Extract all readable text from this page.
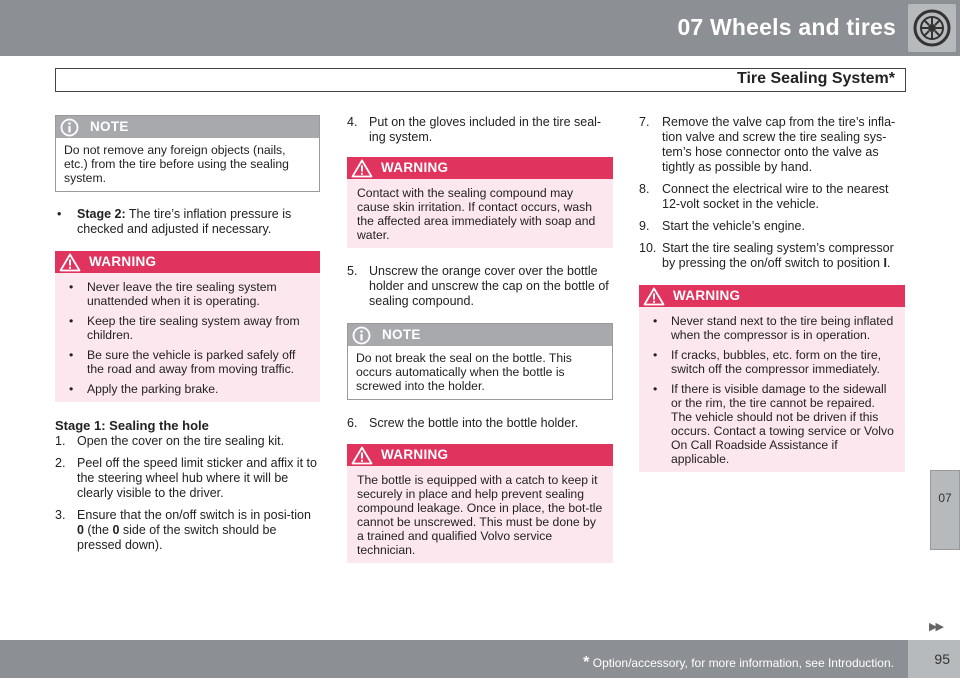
07 Wheels and tires
Tire Sealing System*
NOTE

Do not remove any foreign objects (nails, etc.) from the tire before using the sealing system.

• Stage 2: The tire’s inflation pressure is checked and adjusted if necessary.
WARNING
• Never leave the tire sealing system unattended when it is operating.
• Keep the tire sealing system away from children.
• Be sure the vehicle is parked safely off the road and away from moving traffic.
• Apply the parking brake.
Stage 1: Sealing the hole
1. Open the cover on the tire sealing kit.
2. Peel off the speed limit sticker and affix it to the steering wheel hub where it will be clearly visible to the driver.
3. Ensure that the on/off switch is in posi-tion 0 (the 0 side of the switch should be pressed down).
4. Put on the gloves included in the tire seal-ing system.
WARNING

Contact with the sealing compound may cause skin irritation. If contact occurs, wash the affected area immediately with soap and water.

5. Unscrew the orange cover over the bottle holder and unscrew the cap on the bottle of sealing compound.
NOTE

Do not break the seal on the bottle. This occurs automatically when the bottle is screwed into the holder.

6. Screw the bottle into the bottle holder.
WARNING

The bottle is equipped with a catch to keep it securely in place and help prevent sealing compound leakage. Once in place, the bot-tle cannot be unscrewed. This must be done by a trained and qualified Volvo service technician.

7. Remove the valve cap from the tire’s infla-tion valve and screw the tire sealing sys-tem’s hose connector onto the valve as tightly as possible by hand.
8. Connect the electrical wire to the nearest 12-volt socket in the vehicle.
9. Start the vehicle’s engine.
10. Start the tire sealing system’s compressor by pressing the on/off switch to position I.
WARNING
• Never stand next to the tire being inflated when the compressor is in operation.
• If cracks, bubbles, etc. form on the tire, switch off the compressor immediately.
• If there is visible damage to the sidewall or the rim, the tire cannot be repaired. The vehicle should not be driven if this occurs. Contact a towing service or Volvo On Call Roadside Assistance if applicable.
07
▶▶
* Option/accessory, for more information, see Introduction.	95
